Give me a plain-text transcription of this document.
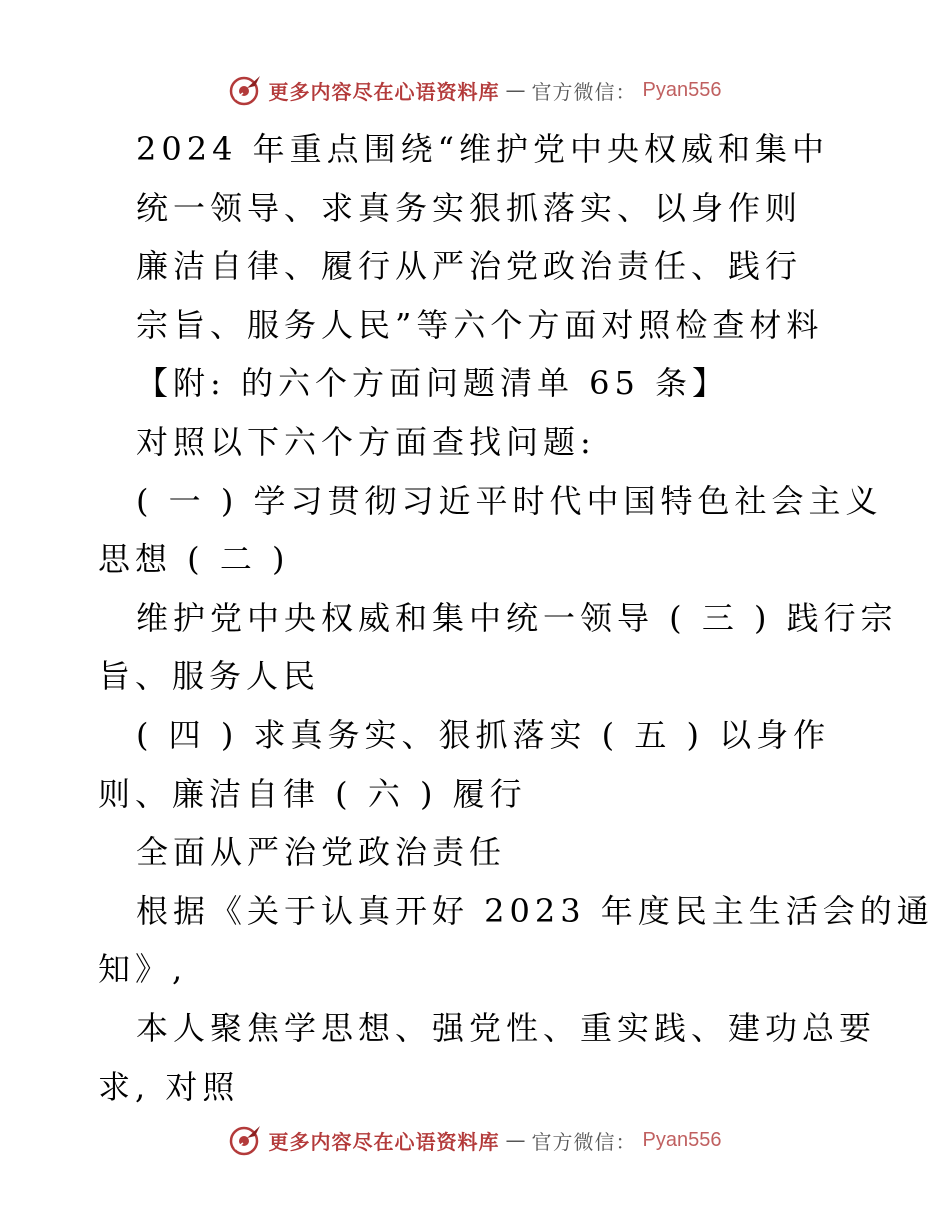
更多内容尽在心语资料库 — 官方微信： Pyan556
2024 年重点围绕“维护党中央权威和集中
统一领导、求真务实狠抓落实、以身作则
廉洁自律、履行从严治党政治责任、践行
宗旨、服务人民”等六个方面对照检查材料
【附: 的六个方面问题清单 65 条】
对照以下六个方面查找问题:
( 一 ) 学习贯彻习近平时代中国特色社会主义
思想 ( 二 )
维护党中央权威和集中统一领导 ( 三 ) 践行宗
旨、服务人民
( 四 ) 求真务实、狠抓落实 ( 五 ) 以身作
则、廉洁自律 ( 六 ) 履行
全面从严治党政治责任
根据《关于认真开好 2023 年度民主生活会的通
知》,
本人聚焦学思想、强党性、重实践、建功总要
求, 对照
更多内容尽在心语资料库 — 官方微信： Pyan556
